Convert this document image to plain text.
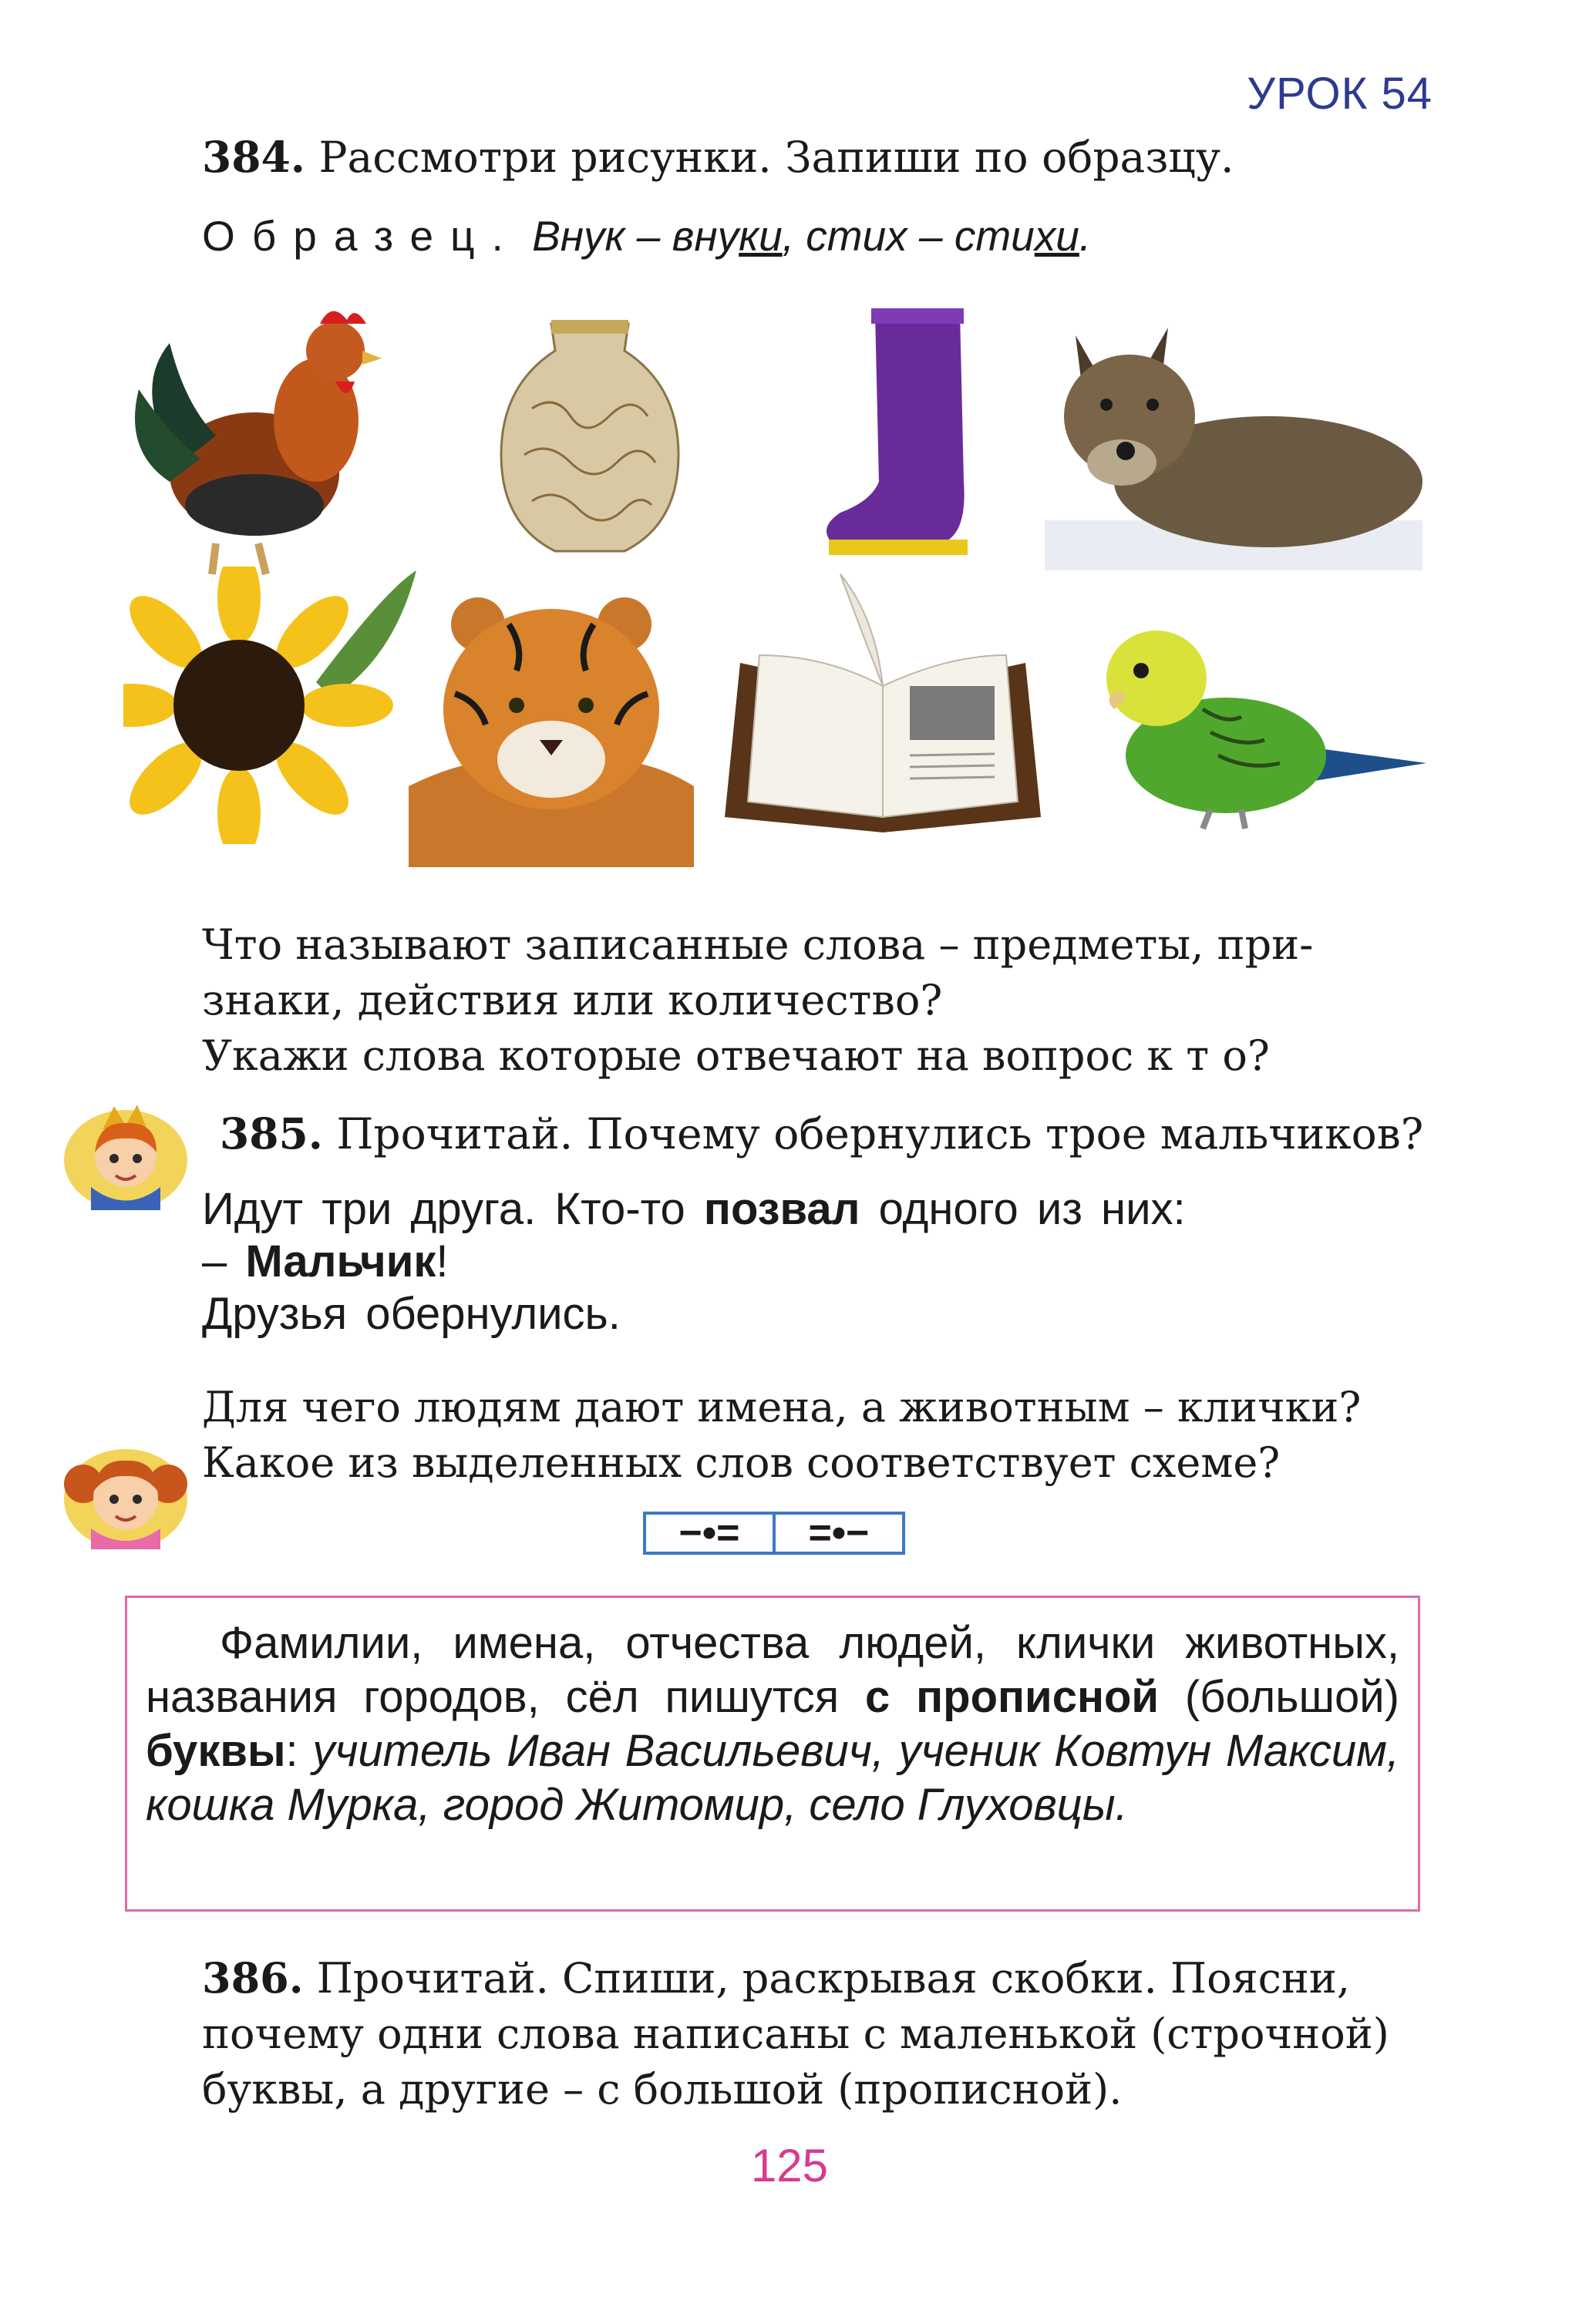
УРОК 54
384. Рассмотри рисунки. Запиши по образцу.
Образец. Внук – внуки, стих – стихи.
Что называют записанные слова – предметы, при-
знаки, действия или количество?
Укажи слова которые отвечают на вопрос к т о?
385. Прочитай. Почему обернулись трое мальчиков?
Идут три друга. Кто-то позвал одного из них:
– Мальчик!
Друзья обернулись.
Для чего людям дают имена, а животным – клички?
Какое из выделенных слов соответствует схеме?
−•=	=•−
Фамилии, имена, отчества людей, клички животных, названия городов, сёл пишутся с прописной (большой) буквы: учитель Иван Васильевич, ученик Ковтун Максим, кошка Мурка, город Житомир, село Глуховцы.
386. Прочитай. Спиши, раскрывая скобки. Поясни,
почему одни слова написаны с маленькой (строчной)
буквы, а другие – с большой (прописной).
125
